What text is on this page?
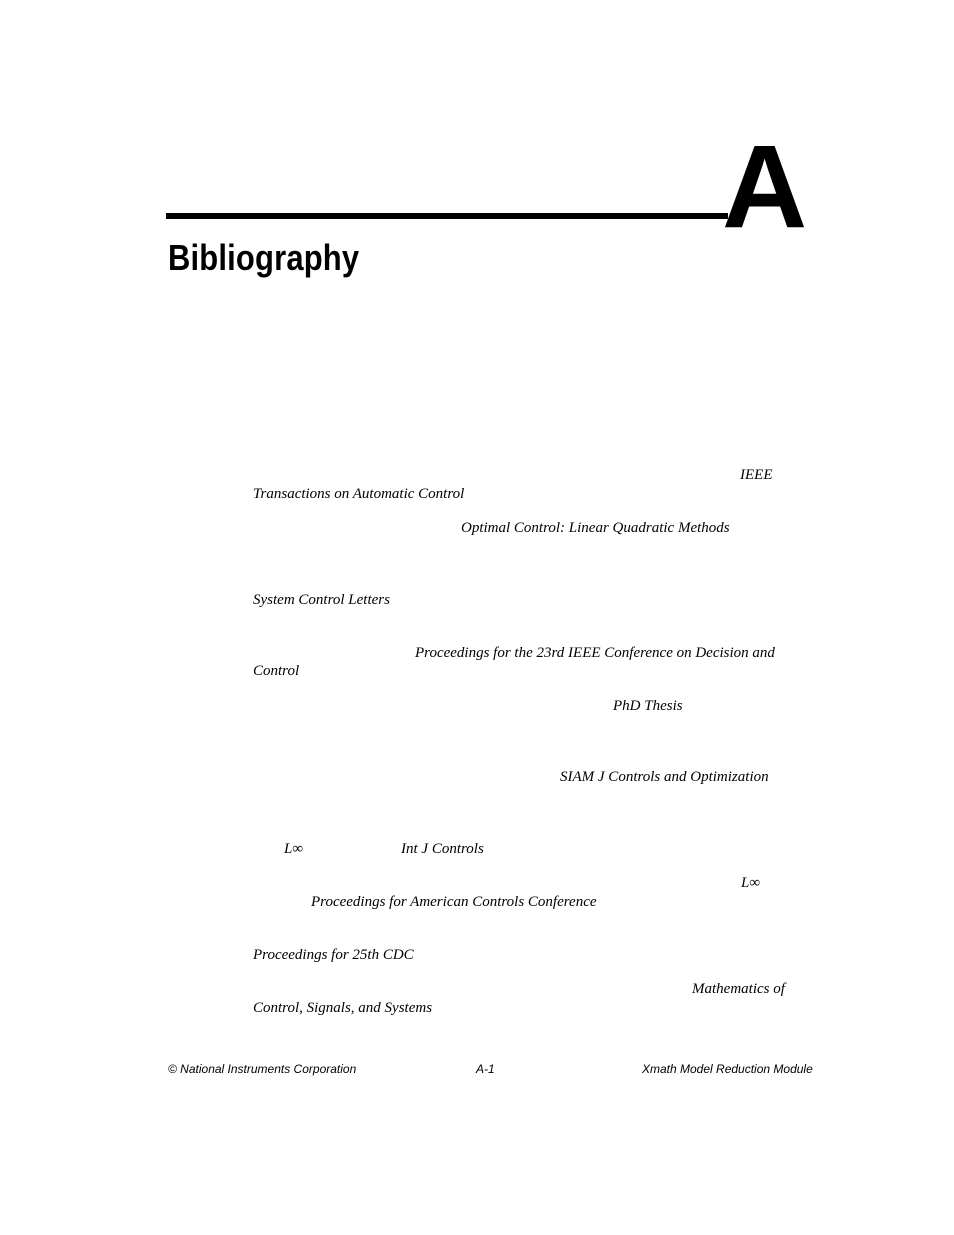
A
Bibliography
IEEE
Transactions on Automatic Control
Optimal Control: Linear Quadratic Methods
System Control Letters
Proceedings for the 23rd IEEE Conference on Decision and
Control
PhD Thesis
SIAM J Controls and Optimization
L∞	Int J Controls
L∞
Proceedings for American Controls Conference
Proceedings for 25th CDC
Mathematics of
Control, Signals, and Systems
© National Instruments Corporation	A-1	Xmath Model Reduction Module
